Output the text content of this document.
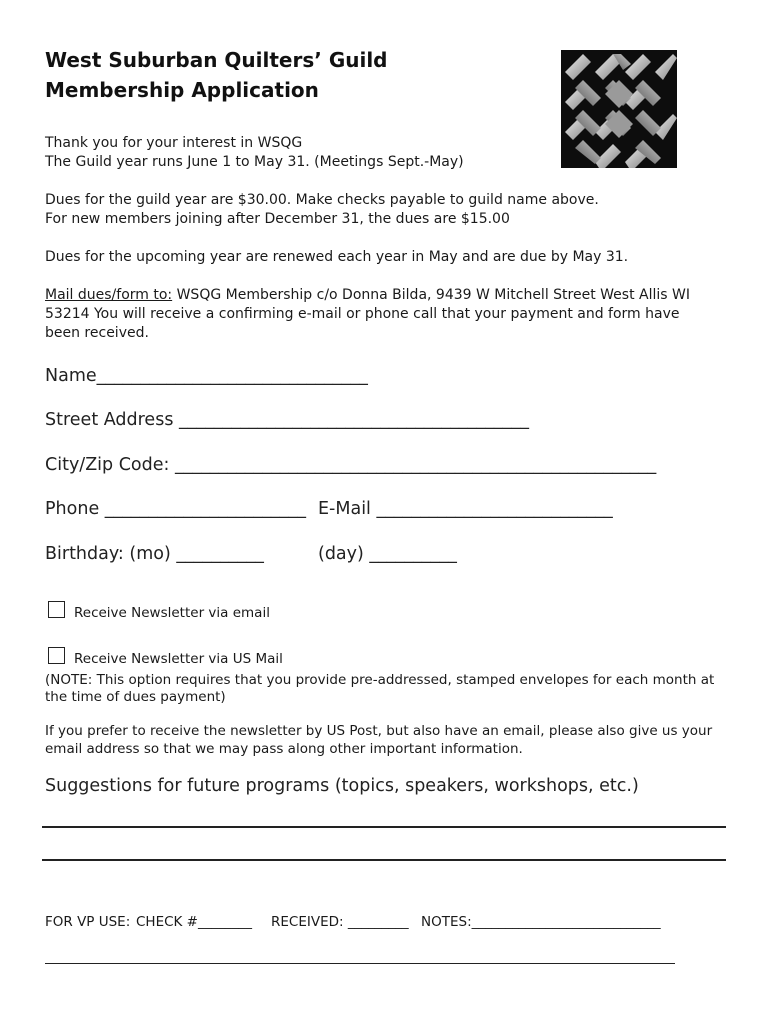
West Suburban Quilters’ Guild
Membership Application
Thank you for your interest in WSQG
The Guild year runs June 1 to May 31. (Meetings Sept.-May)
Dues for the guild year are $30.00. Make checks payable to guild name above.
For new members joining after December 31, the dues are $15.00
Dues for the upcoming year are renewed each year in May and are due by May 31.
Mail dues/form to: WSQG Membership c/o Donna Bilda, 9439 W Mitchell Street West Allis WI
53214 You will receive a confirming e-mail or phone call that your payment and form have
been received.
Name_______________________________
Street Address ________________________________________
City/Zip Code: _______________________________________________________
Phone _______________________ E-Mail ___________________________
Birthday: (mo) __________	(day) __________
Receive Newsletter via email
Receive Newsletter via US Mail
(NOTE: This option requires that you provide pre-addressed, stamped envelopes for each month at
the time of dues payment)
If you prefer to receive the newsletter by US Post, but also have an email, please also give us your
email address so that we may pass along other important information.
Suggestions for future programs (topics, speakers, workshops, etc.)
FOR VP USE: CHECK #________ RECEIVED: _________ NOTES:____________________________
